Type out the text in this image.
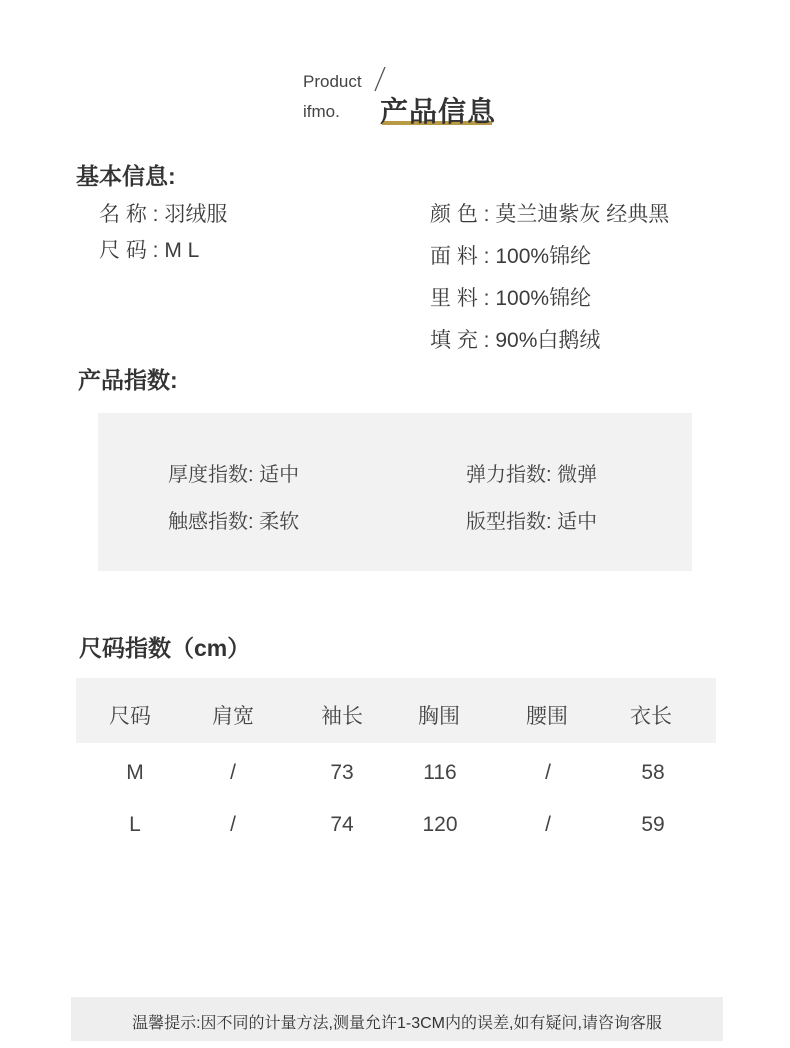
Product
ifmo. 产品信息
基本信息:
名 称 : 羽绒服
尺 码 : M L
颜 色 : 莫兰迪紫灰 经典黑
面 料 : 100%锦纶
里 料 : 100%锦纶
填 充 : 90%白鹅绒
产品指数:
厚度指数: 适中	弹力指数: 微弹
触感指数: 柔软	版型指数: 适中
尺码指数（cm）
尺码	肩宽	袖长	胸围	腰围	衣长
M	/	73	116	/	58
L	/	74	120	/	59
温馨提示:因不同的计量方法,测量允许1-3CM内的误差,如有疑问,请咨询客服
